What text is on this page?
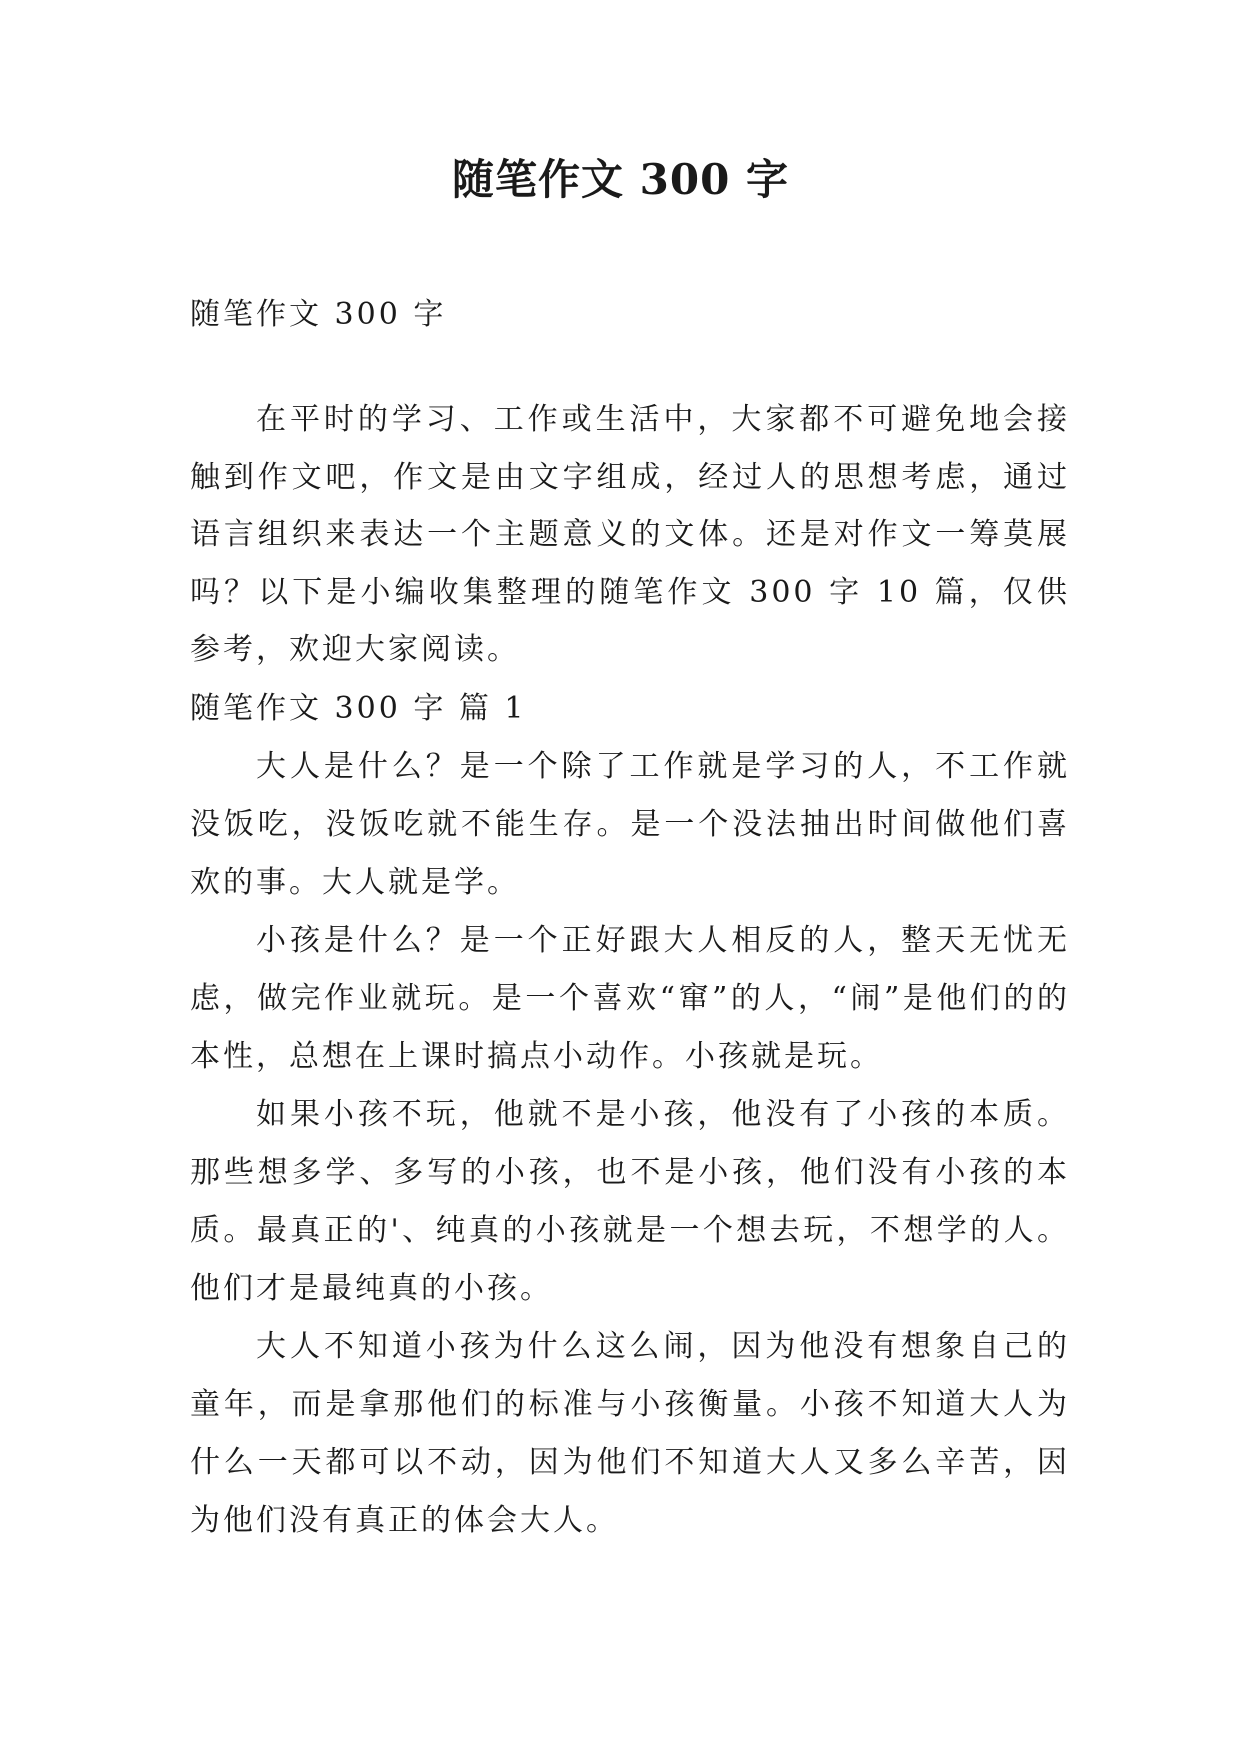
随笔作文 300 字

随笔作文 300 字

在平时的学习、工作或生活中，大家都不可避免地会接触到作文吧，作文是由文字组成，经过人的思想考虑，通过语言组织来表达一个主题意义的文体。还是对作文一筹莫展吗？以下是小编收集整理的随笔作文 300 字 10 篇，仅供参考，欢迎大家阅读。

随笔作文 300 字 篇 1

大人是什么？是一个除了工作就是学习的人，不工作就没饭吃，没饭吃就不能生存。是一个没法抽出时间做他们喜欢的事。大人就是学。

小孩是什么？是一个正好跟大人相反的人，整天无忧无虑，做完作业就玩。是一个喜欢“窜”的人，“闹”是他们的的本性，总想在上课时搞点小动作。小孩就是玩。

如果小孩不玩，他就不是小孩，他没有了小孩的本质。那些想多学、多写的小孩，也不是小孩，他们没有小孩的本质。最真正的'、纯真的小孩就是一个想去玩，不想学的人。他们才是最纯真的小孩。

大人不知道小孩为什么这么闹，因为他没有想象自己的童年，而是拿那他们的标准与小孩衡量。小孩不知道大人为什么一天都可以不动，因为他们不知道大人又多么辛苦，因为他们没有真正的体会大人。
